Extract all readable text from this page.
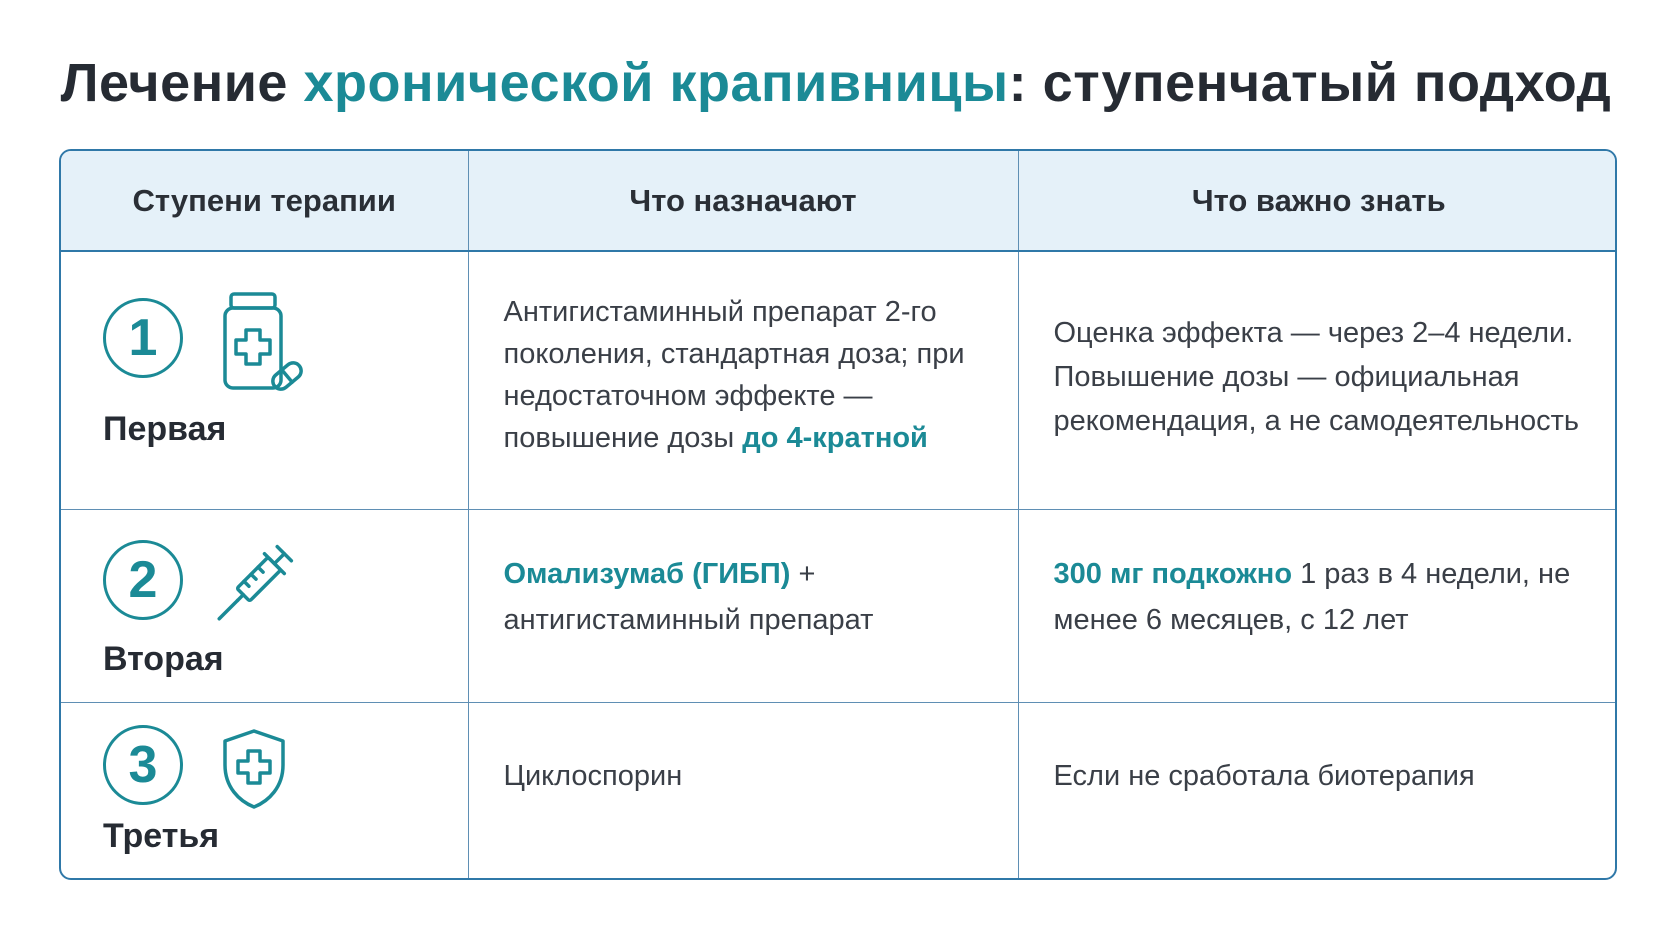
Лечение хронической крапивницы: ступенчатый подход
Ступени терапии	Что назначают	Что важно знать

1
Первая	Антигистаминный препарат 2-го поколения, стандартная доза; при недостаточном эффекте — повышение дозы до 4-кратной	Оценка эффекта — через 2–4 недели. Повышение дозы — официальная рекомендация, а не самодеятельность

2
Вторая	Омализумаб (ГИБП) + антигистаминный препарат	300 мг подкожно 1 раз в 4 недели, не менее 6 месяцев, с 12 лет

3
Третья	Циклоспорин	Если не сработала биотерапия
